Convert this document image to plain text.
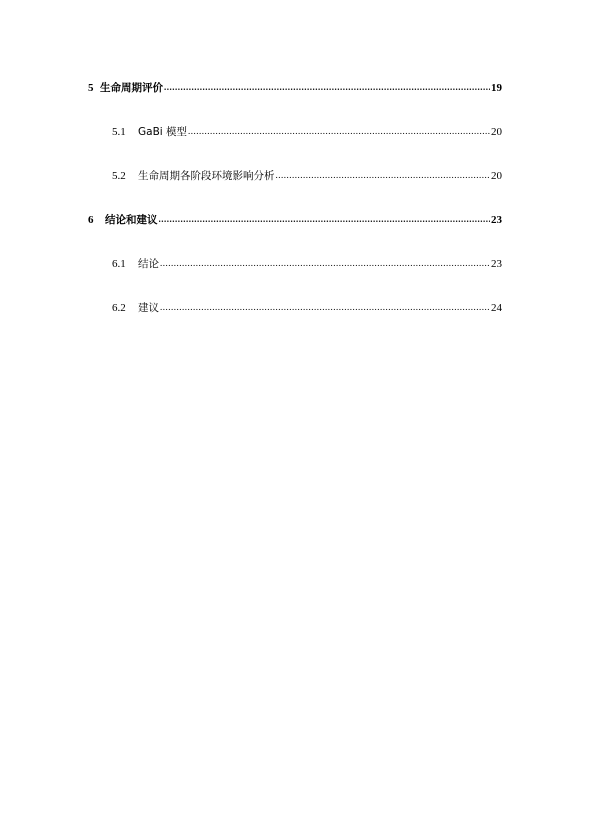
5 生命周期评价 .....	19
5.1	GaBi 模型 .....	20
5.2	生命周期各阶段环境影响分析 .....	20
6	结论和建议 .....	23
6.1	结论 .....	23
6.2	建议 .....	24
